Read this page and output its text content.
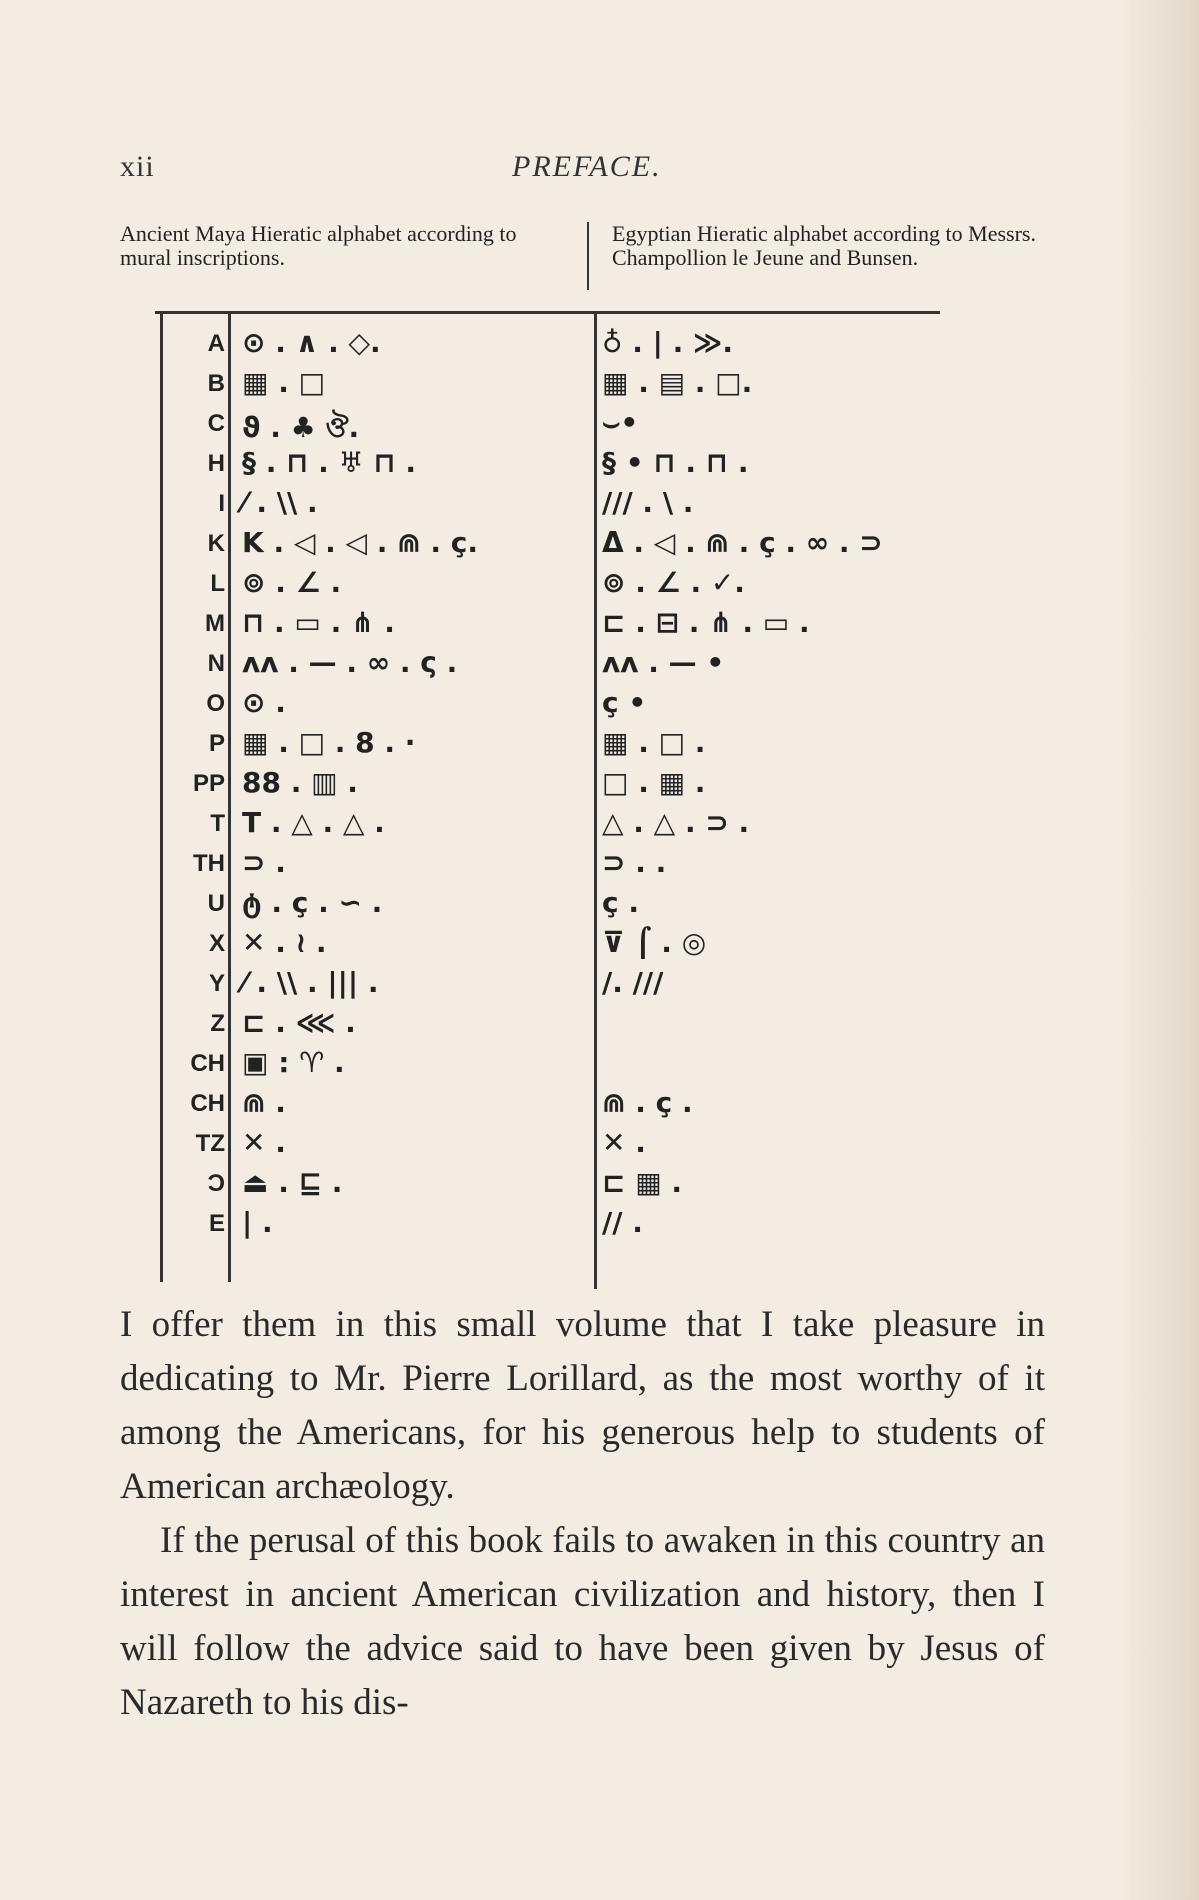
xii	PREFACE.
Ancient Maya Hieratic alphabet according to mural inscriptions.
Egyptian Hieratic alphabet according to Messrs. Champollion le Jeune and Bunsen.
A ⊙ . ∧ . ◇.	♁ . | . ≫.
B ▦ . □	▦ . ▤ . □.
C ϑ . ♣ ঔ.	⌣•
H § . ⊓ . ♅ ⊓ .	§ • ⊓ . ⊓ .
I ⁄ . \\ .	/// . \ .
K K . ◁ . ◁ . ⋒ . ҫ.	Δ . ◁ . ⋒ . ҫ . ∞ . ⊃
L ⊚ . ∠ .	⊚ . ∠ . ✓.
M ⊓ . ▭ . ⋔ .	⊏ . ⊟ . ⋔ . ▭ .
N ᴧᴧ . — . ∞ . ς .	ᴧᴧ . — •
O ⊙ .	ҫ •
P ▦ . □ . 8 . ·	▦ . □ .
PP 88 . ▥ .	□ . ▦ .
T T . △ . △ .	△ . △ . ⊃ .
TH ⊃ .	⊃ . .
U ტ . ҫ . ∽ .	ҫ .
X ✕ . ≀ .	⊽ ⌠ . ◎
Y ⁄ . \\ . ||| .	/. ///
Z ⊏ . ⋘ .
CH ▣ : ♈ .
CH ⋒ .	⋒ . ҫ .
TZ ✕ .	✕ .
Ɔ ⏏ . ⊑ .	⊏ ▦ .
E | .	// .

I offer them in this small volume that I take pleasure in dedicating to Mr. Pierre Lorillard, as the most worthy of it among the Americans, for his generous help to students of American archæology.

If the perusal of this book fails to awaken in this country an interest in ancient American civilization and history, then I will follow the advice said to have been given by Jesus of Nazareth to his dis-
